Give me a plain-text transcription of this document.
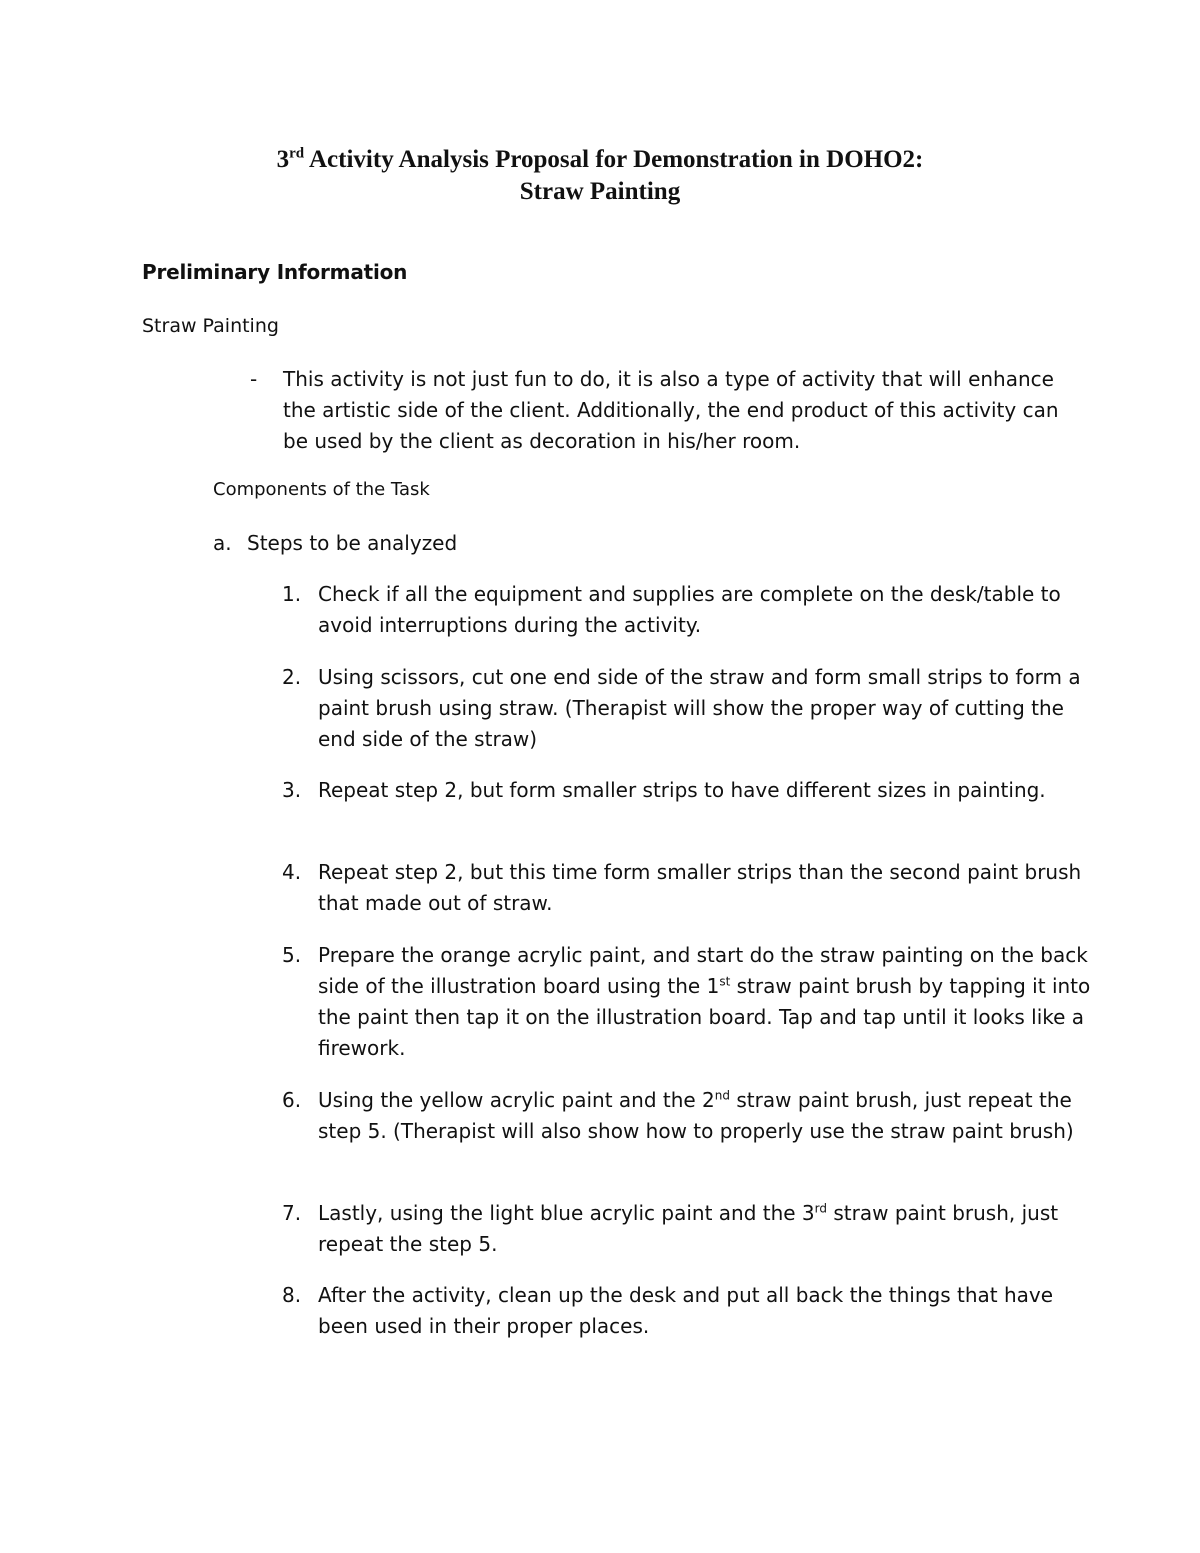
3rd Activity Analysis Proposal for Demonstration in DOHO2:
Straw Painting
Preliminary Information
Straw Painting
- This activity is not just fun to do, it is also a type of activity that will enhance the artistic side of the client. Additionally, the end product of this activity can be used by the client as decoration in his/her room.
Components of the Task
a. Steps to be analyzed
1. Check if all the equipment and supplies are complete on the desk/table to avoid interruptions during the activity.
2. Using scissors, cut one end side of the straw and form small strips to form a paint brush using straw. (Therapist will show the proper way of cutting the end side of the straw)
3. Repeat step 2, but form smaller strips to have different sizes in painting.
4. Repeat step 2, but this time form smaller strips than the second paint brush that made out of straw.
5. Prepare the orange acrylic paint, and start do the straw painting on the back side of the illustration board using the 1st straw paint brush by tapping it into the paint then tap it on the illustration board. Tap and tap until it looks like a firework.
6. Using the yellow acrylic paint and the 2nd straw paint brush, just repeat the step 5. (Therapist will also show how to properly use the straw paint brush)
7. Lastly, using the light blue acrylic paint and the 3rd straw paint brush, just repeat the step 5.
8. After the activity, clean up the desk and put all back the things that have been used in their proper places.
